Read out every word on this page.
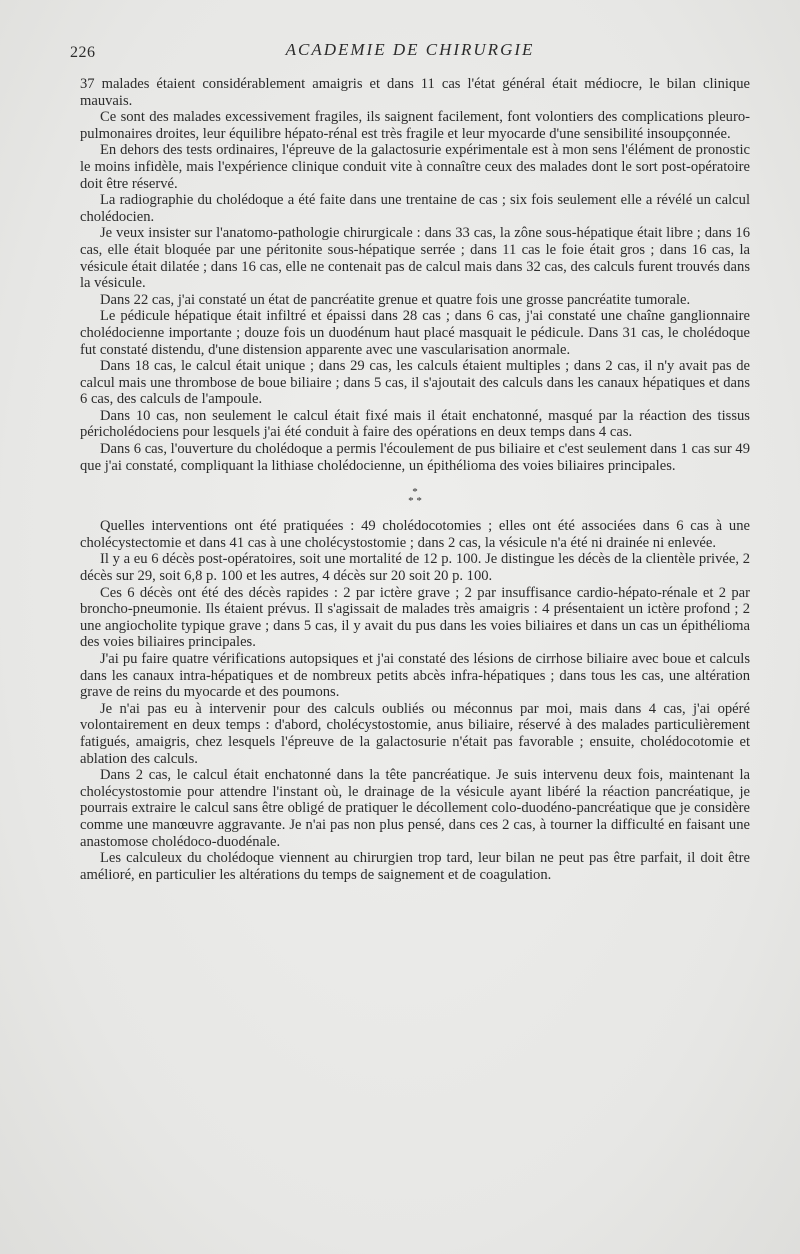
226	ACADEMIE DE CHIRURGIE

37 malades étaient considérablement amaigris et dans 11 cas l'état général était médiocre, le bilan clinique mauvais.

Ce sont des malades excessivement fragiles, ils saignent facilement, font volontiers des complications pleuro-pulmonaires droites, leur équilibre hépato-rénal est très fragile et leur myocarde d'une sensibilité insoupçonnée.

En dehors des tests ordinaires, l'épreuve de la galactosurie expérimentale est à mon sens l'élément de pronostic le moins infidèle, mais l'expérience clinique conduit vite à connaître ceux des malades dont le sort post-opératoire doit être réservé.

La radiographie du cholédoque a été faite dans une trentaine de cas ; six fois seulement elle a révélé un calcul cholédocien.

Je veux insister sur l'anatomo-pathologie chirurgicale : dans 33 cas, la zône sous-hépatique était libre ; dans 16 cas, elle était bloquée par une péritonite sous-hépatique serrée ; dans 11 cas le foie était gros ; dans 16 cas, la vésicule était dilatée ; dans 16 cas, elle ne contenait pas de calcul mais dans 32 cas, des calculs furent trouvés dans la vésicule.

Dans 22 cas, j'ai constaté un état de pancréatite grenue et quatre fois une grosse pancréatite tumorale.

Le pédicule hépatique était infiltré et épaissi dans 28 cas ; dans 6 cas, j'ai constaté une chaîne ganglionnaire cholédocienne importante ; douze fois un duodénum haut placé masquait le pédicule. Dans 31 cas, le cholédoque fut constaté distendu, d'une distension apparente avec une vascularisation anormale.

Dans 18 cas, le calcul était unique ; dans 29 cas, les calculs étaient multiples ; dans 2 cas, il n'y avait pas de calcul mais une thrombose de boue biliaire ; dans 5 cas, il s'ajoutait des calculs dans les canaux hépatiques et dans 6 cas, des calculs de l'ampoule.

Dans 10 cas, non seulement le calcul était fixé mais il était enchatonné, masqué par la réaction des tissus péricholédociens pour lesquels j'ai été conduit à faire des opérations en deux temps dans 4 cas.

Dans 6 cas, l'ouverture du cholédoque a permis l'écoulement de pus biliaire et c'est seulement dans 1 cas sur 49 que j'ai constaté, compliquant la lithiase cholédocienne, un épithélioma des voies biliaires principales.

*
* *

Quelles interventions ont été pratiquées : 49 cholédocotomies ; elles ont été associées dans 6 cas à une cholécystectomie et dans 41 cas à une cholécystostomie ; dans 2 cas, la vésicule n'a été ni drainée ni enlevée.

Il y a eu 6 décès post-opératoires, soit une mortalité de 12 p. 100. Je distingue les décès de la clientèle privée, 2 décès sur 29, soit 6,8 p. 100 et les autres, 4 décès sur 20 soit 20 p. 100.

Ces 6 décès ont été des décès rapides : 2 par ictère grave ; 2 par insuffisance cardio-hépato-rénale et 2 par broncho-pneumonie. Ils étaient prévus. Il s'agissait de malades très amaigris : 4 présentaient un ictère profond ; 2 une angiocholite typique grave ; dans 5 cas, il y avait du pus dans les voies biliaires et dans un cas un épithélioma des voies biliaires principales.

J'ai pu faire quatre vérifications autopsiques et j'ai constaté des lésions de cirrhose biliaire avec boue et calculs dans les canaux intra-hépatiques et de nombreux petits abcès infra-hépatiques ; dans tous les cas, une altération grave de reins du myocarde et des poumons.

Je n'ai pas eu à intervenir pour des calculs oubliés ou méconnus par moi, mais dans 4 cas, j'ai opéré volontairement en deux temps : d'abord, cholécystostomie, anus biliaire, réservé à des malades particulièrement fatigués, amaigris, chez lesquels l'épreuve de la galactosurie n'était pas favorable ; ensuite, cholédocotomie et ablation des calculs.

Dans 2 cas, le calcul était enchatonné dans la tête pancréatique. Je suis intervenu deux fois, maintenant la cholécystostomie pour attendre l'instant où, le drainage de la vésicule ayant libéré la réaction pancréatique, je pourrais extraire le calcul sans être obligé de pratiquer le décollement colo-duodéno-pancréatique que je considère comme une manœuvre aggravante. Je n'ai pas non plus pensé, dans ces 2 cas, à tourner la difficulté en faisant une anastomose cholédoco-duodénale.

Les calculeux du cholédoque viennent au chirurgien trop tard, leur bilan ne peut pas être parfait, il doit être amélioré, en particulier les altérations du temps de saignement et de coagulation.
